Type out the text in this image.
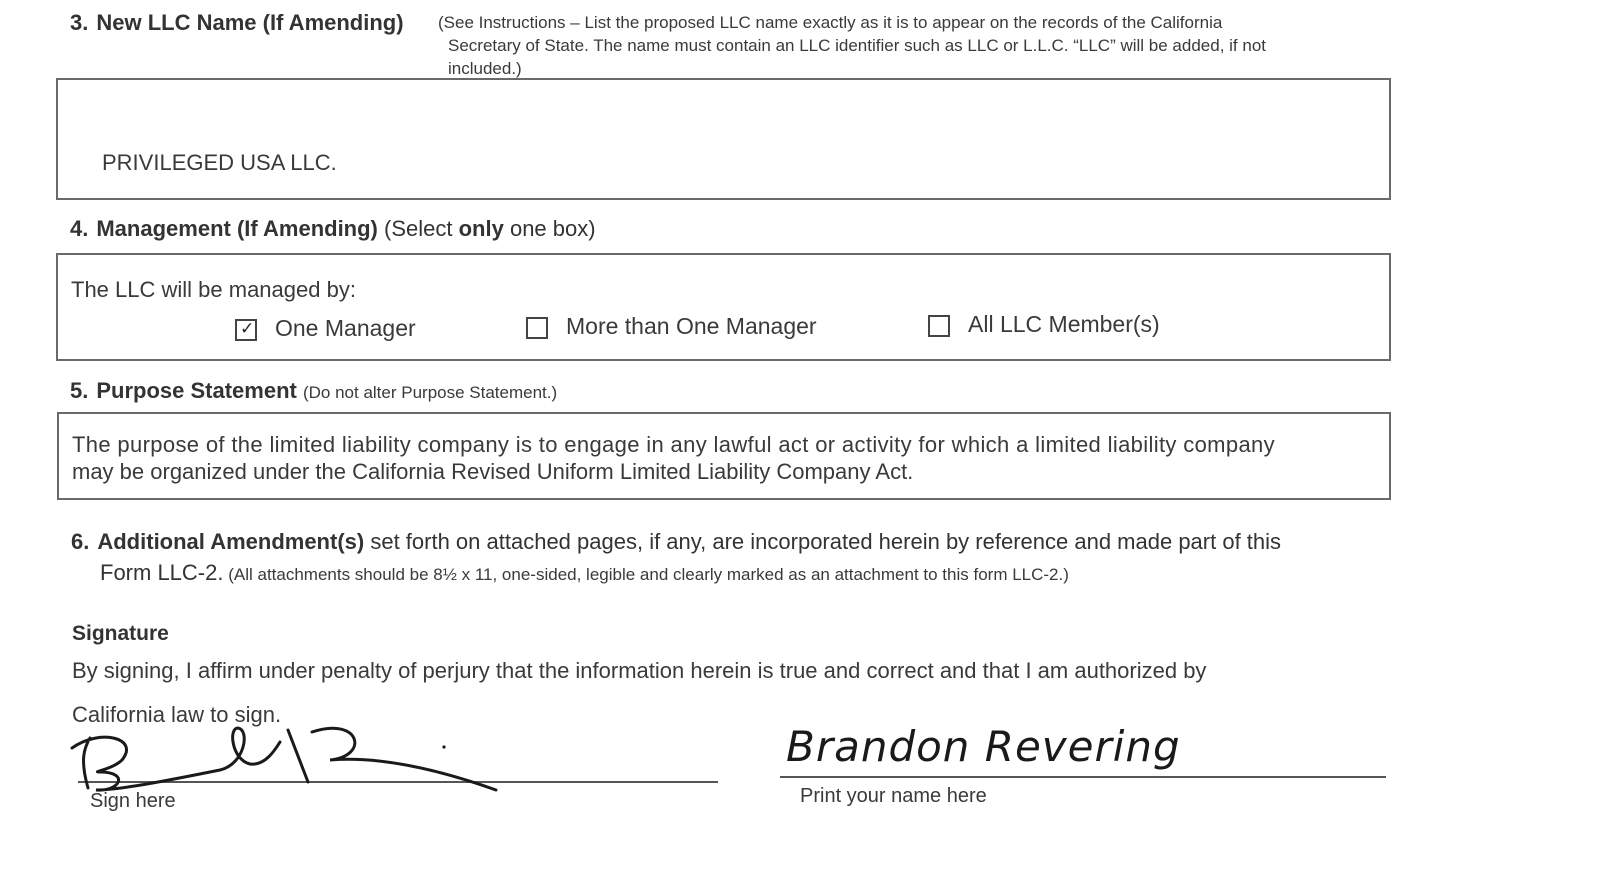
3. New LLC Name (If Amending) (See Instructions – List the proposed LLC name exactly as it is to appear on the records of the California
Secretary of State. The name must contain an LLC identifier such as LLC or L.L.C. “LLC” will be added, if not
included.)
PRIVILEGED USA LLC.
4. Management (If Amending) (Select only one box)
The LLC will be managed by:
✓ One Manager	More than One Manager	All LLC Member(s)
5. Purpose Statement (Do not alter Purpose Statement.)
The purpose of the limited liability company is to engage in any lawful act or activity for which a limited liability company
may be organized under the California Revised Uniform Limited Liability Company Act.
6. Additional Amendment(s) set forth on attached pages, if any, are incorporated herein by reference and made part of this
Form LLC-2. (All attachments should be 8½ x 11, one-sided, legible and clearly marked as an attachment to this form LLC-2.)
Signature
By signing, I affirm under penalty of perjury that the information herein is true and correct and that I am authorized by
California law to sign.
Sign here
Brandon Revering
Print your name here
